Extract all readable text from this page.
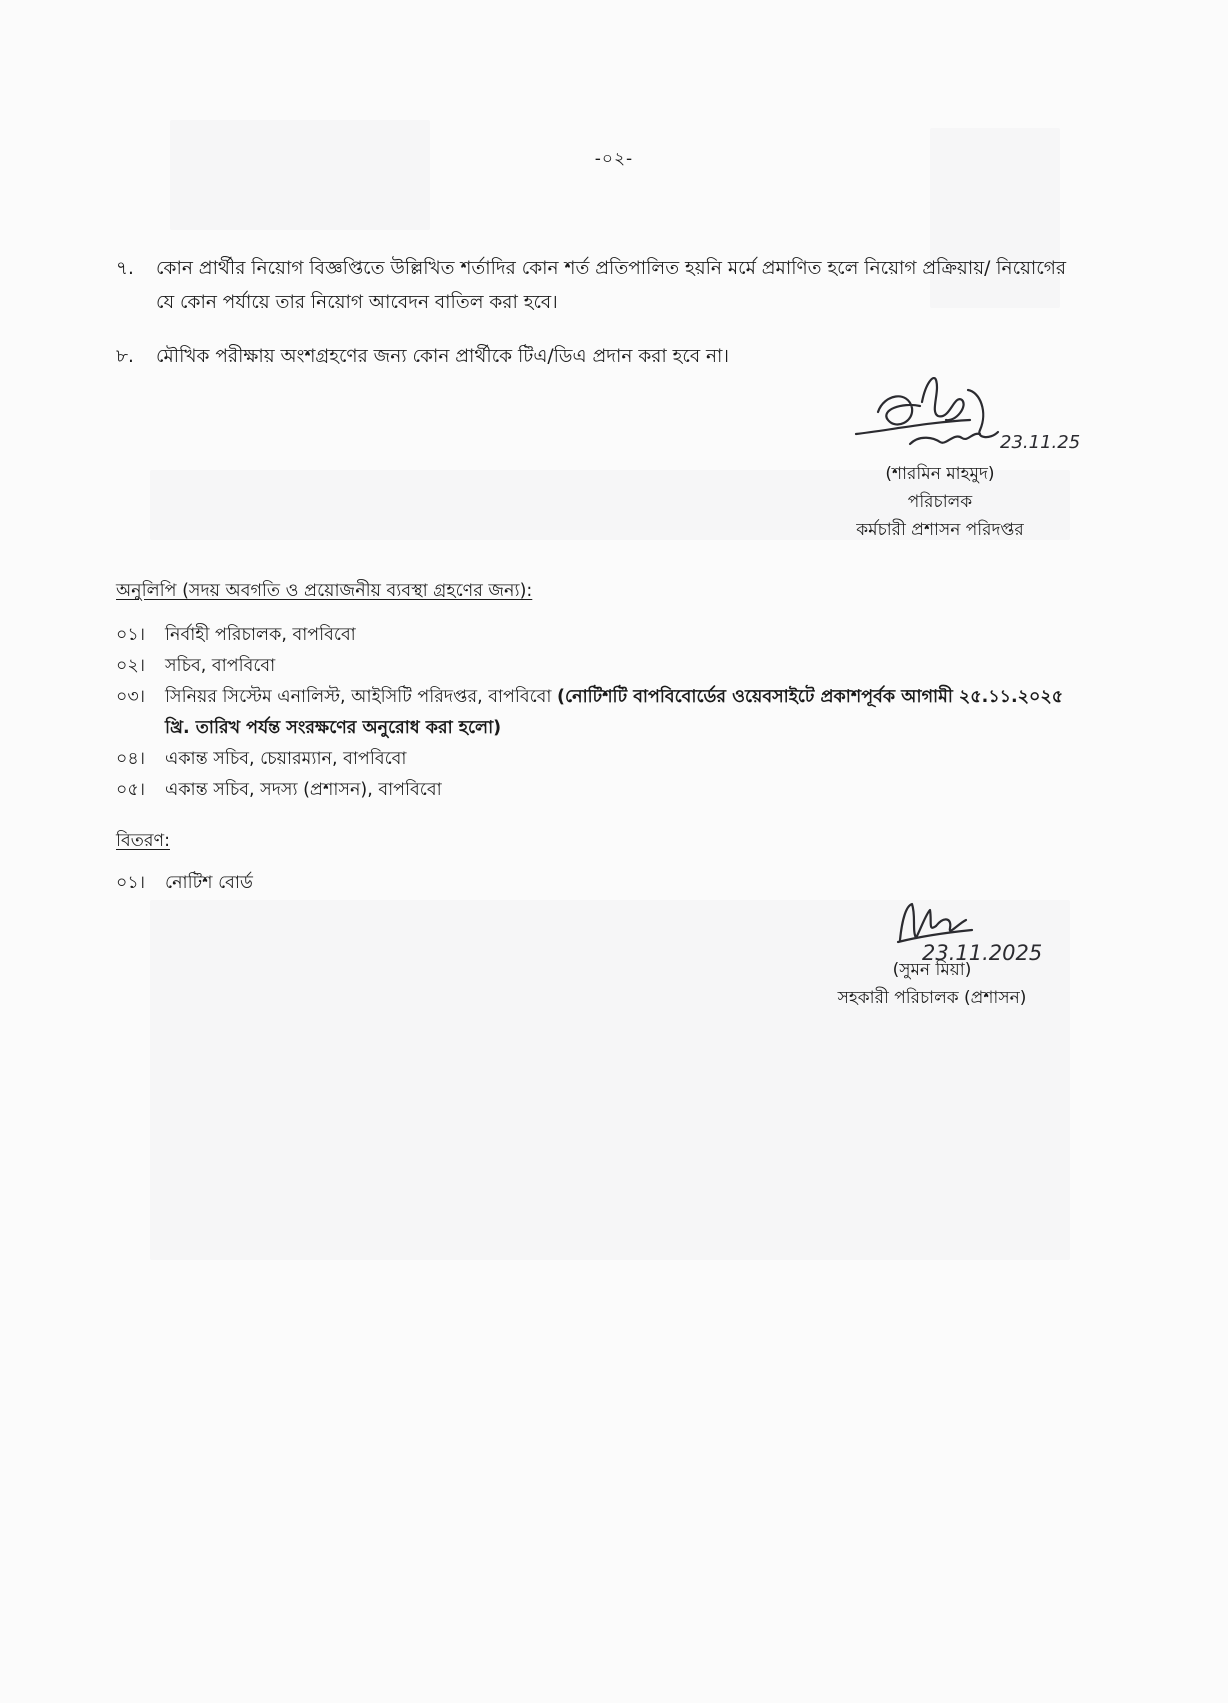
-০২-
৭. কোন প্রার্থীর নিয়োগ বিজ্ঞপ্তিতে উল্লিখিত শর্তাদির কোন শর্ত প্রতিপালিত হয়নি মর্মে প্রমাণিত হলে নিয়োগ প্রক্রিয়ায়/ নিয়োগের যে কোন পর্যায়ে তার নিয়োগ আবেদন বাতিল করা হবে।
৮. মৌখিক পরীক্ষায় অংশগ্রহণের জন্য কোন প্রার্থীকে টিএ/ডিএ প্রদান করা হবে না।
23.11.25
(শারমিন মাহমুদ)
পরিচালক
কর্মচারী প্রশাসন পরিদপ্তর
অনুলিপি (সদয় অবগতি ও প্রয়োজনীয় ব্যবস্থা গ্রহণের জন্য):
০১। নির্বাহী পরিচালক, বাপবিবো
০২। সচিব, বাপবিবো
০৩। সিনিয়র সিস্টেম এনালিস্ট, আইসিটি পরিদপ্তর, বাপবিবো (নোটিশটি বাপবিবোর্ডের ওয়েবসাইটে প্রকাশপূর্বক আগামী ২৫.১১.২০২৫ খ্রি. তারিখ পর্যন্ত সংরক্ষণের অনুরোধ করা হলো)
০৪। একান্ত সচিব, চেয়ারম্যান, বাপবিবো
০৫। একান্ত সচিব, সদস্য (প্রশাসন), বাপবিবো
বিতরণ:
০১। নোটিশ বোর্ড
23.11.2025
(সুমন মিয়া)
সহকারী পরিচালক (প্রশাসন)
